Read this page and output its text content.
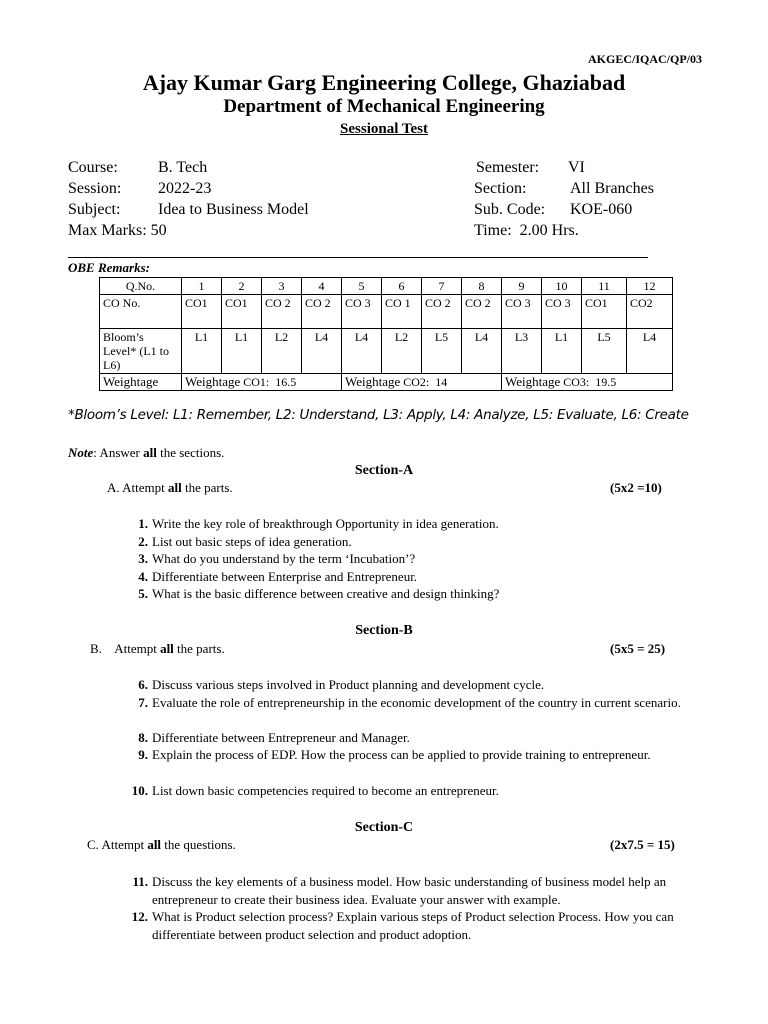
AKGEC/IQAC/QP/03
Ajay Kumar Garg Engineering College, Ghaziabad
Department of Mechanical Engineering
Sessional Test
Course:	B. Tech
Session: 2022-23
Subject: Idea to Business Model
Max Marks: 50
Semester: VI
Section:	All Branches
Sub. Code: KOE-060
Time: 2.00 Hrs.
OBE Remarks:
Q.No.	1	2	3	4	5	6	7	8	9	10	11	12
CO No.	CO1	CO1	CO 2	CO 2	CO 3	CO 1	CO 2	CO 2	CO 3	CO 3	CO1	CO2
Bloom’s Level* (L1 to L6)	L1	L1	L2	L4	L4	L2	L5	L4	L3	L1	L5	L4
Weightage	Weightage CO1: 16.5				Weightage CO2: 14				Weightage CO3: 19.5			
*Bloom’s Level: L1: Remember, L2: Understand, L3: Apply, L4: Analyze, L5: Evaluate, L6: Create
Note: Answer all the sections.
Section-A
A. Attempt all the parts.	(5x2 =10)
1. Write the key role of breakthrough Opportunity in idea generation.
2. List out basic steps of idea generation.
3. What do you understand by the term ‘Incubation’?
4. Differentiate between Enterprise and Entrepreneur.
5. What is the basic difference between creative and design thinking?
Section-B
B.    Attempt all the parts.	(5x5 = 25)
6. Discuss various steps involved in Product planning and development cycle.
7. Evaluate the role of entrepreneurship in the economic development of the country in current scenario.
8. Differentiate between Entrepreneur and Manager.
9. Explain the process of EDP. How the process can be applied to provide training to entrepreneur.
10. List down basic competencies required to become an entrepreneur.
Section-C
C. Attempt all the questions.	(2x7.5 = 15)
11. Discuss the key elements of a business model. How basic understanding of business model help an entrepreneur to create their business idea. Evaluate your answer with example.
12. What is Product selection process? Explain various steps of Product selection Process. How you can differentiate between product selection and product adoption.
